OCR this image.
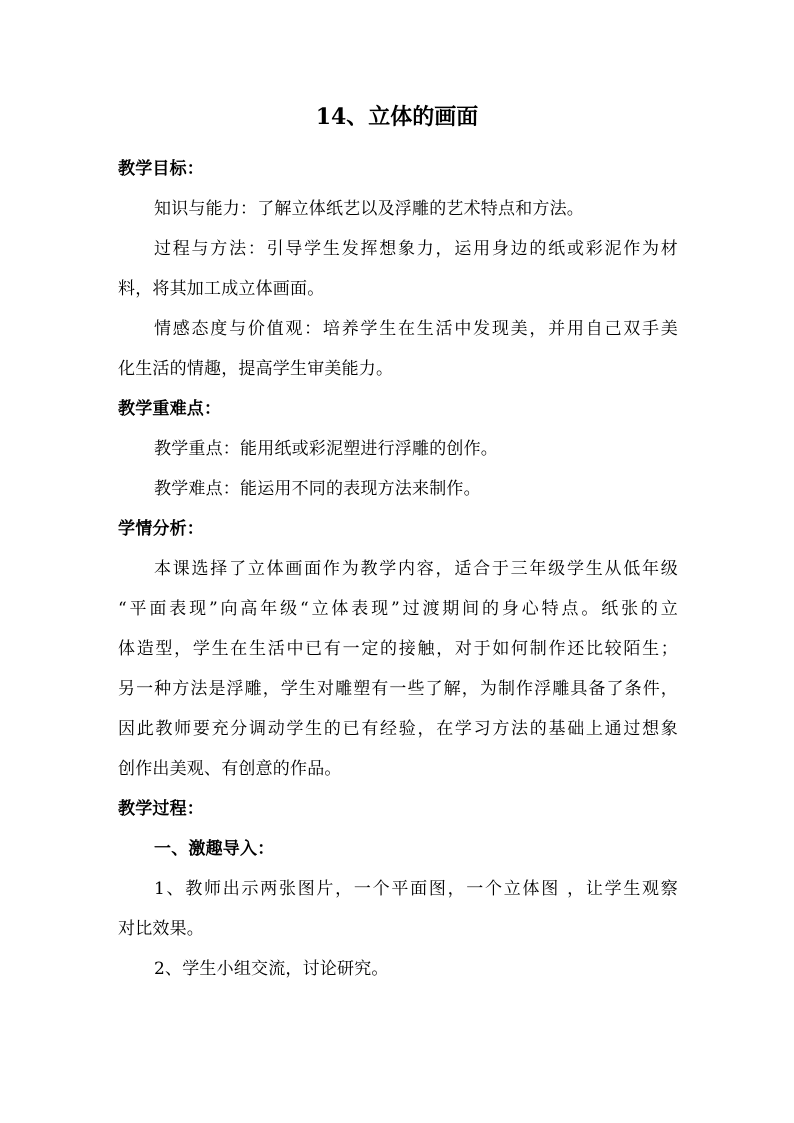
14、立体的画面
教学目标：
知识与能力：了解立体纸艺以及浮雕的艺术特点和方法。
过程与方法：引导学生发挥想象力，运用身边的纸或彩泥作为材
料，将其加工成立体画面。
情感态度与价值观：培养学生在生活中发现美，并用自己双手美
化生活的情趣，提高学生审美能力。
教学重难点：
教学重点：能用纸或彩泥塑进行浮雕的创作。
教学难点：能运用不同的表现方法来制作。
学情分析：
本课选择了立体画面作为教学内容，适合于三年级学生从低年级
“平面表现”向高年级“立体表现”过渡期间的身心特点。纸张的立
体造型，学生在生活中已有一定的接触，对于如何制作还比较陌生；
另一种方法是浮雕，学生对雕塑有一些了解，为制作浮雕具备了条件，
因此教师要充分调动学生的已有经验，在学习方法的基础上通过想象
创作出美观、有创意的作品。
教学过程：
一、激趣导入：
1、教师出示两张图片，一个平面图，一个立体图 ，让学生观察
对比效果。
2、学生小组交流，讨论研究。
